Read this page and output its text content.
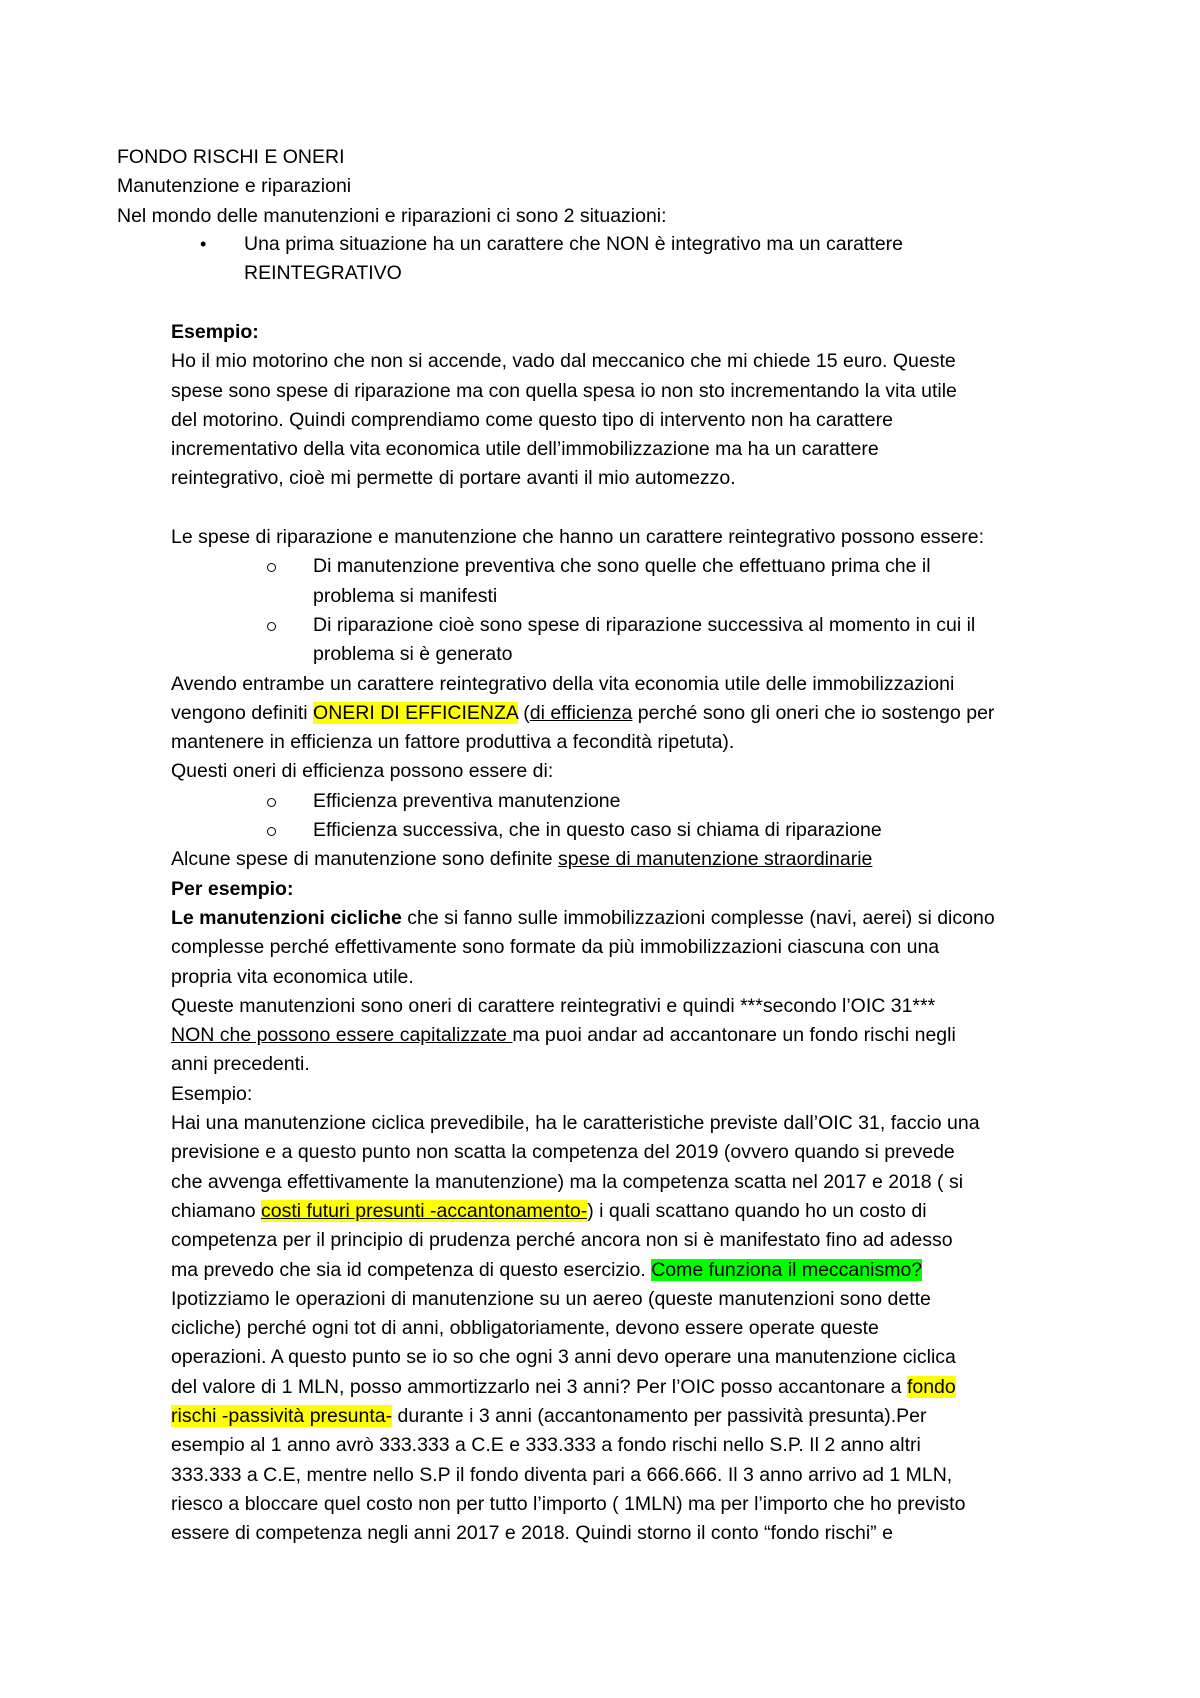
FONDO RISCHI E ONERI
Manutenzione e riparazioni
Nel mondo delle manutenzioni e riparazioni ci sono 2 situazioni:
• Una prima situazione ha un carattere che NON è integrativo ma un carattere
REINTEGRATIVO
Esempio:
Ho il mio motorino che non si accende, vado dal meccanico che mi chiede 15 euro. Queste
spese sono spese di riparazione ma con quella spesa io non sto incrementando la vita utile
del motorino. Quindi comprendiamo come questo tipo di intervento non ha carattere
incrementativo della vita economica utile dell’immobilizzazione ma ha un carattere
reintegrativo, cioè mi permette di portare avanti il mio automezzo.
Le spese di riparazione e manutenzione che hanno un carattere reintegrativo possono essere:
Di manutenzione preventiva che sono quelle che effettuano prima che il
problema si manifesti
Di riparazione cioè sono spese di riparazione successiva al momento in cui il
problema si è generato
Avendo entrambe un carattere reintegrativo della vita economia utile delle immobilizzazioni
vengono definiti ONERI DI EFFICIENZA (di efficienza perché sono gli oneri che io sostengo per
mantenere in efficienza un fattore produttiva a fecondità ripetuta).
Questi oneri di efficienza possono essere di:
Efficienza preventiva manutenzione
Efficienza successiva, che in questo caso si chiama di riparazione
Alcune spese di manutenzione sono definite spese di manutenzione straordinarie
Per esempio:
Le manutenzioni cicliche che si fanno sulle immobilizzazioni complesse (navi, aerei) si dicono
complesse perché effettivamente sono formate da più immobilizzazioni ciascuna con una
propria vita economica utile.
Queste manutenzioni sono oneri di carattere reintegrativi e quindi ***secondo l’OIC 31***
NON che possono essere capitalizzate ma puoi andar ad accantonare un fondo rischi negli
anni precedenti.
Esempio:
Hai una manutenzione ciclica prevedibile, ha le caratteristiche previste dall’OIC 31, faccio una
previsione e a questo punto non scatta la competenza del 2019 (ovvero quando si prevede
che avvenga effettivamente la manutenzione) ma la competenza scatta nel 2017 e 2018 ( si
chiamano costi futuri presunti -accantonamento-) i quali scattano quando ho un costo di
competenza per il principio di prudenza perché ancora non si è manifestato fino ad adesso
ma prevedo che sia id competenza di questo esercizio. Come funziona il meccanismo?
Ipotizziamo le operazioni di manutenzione su un aereo (queste manutenzioni sono dette
cicliche) perché ogni tot di anni, obbligatoriamente, devono essere operate queste
operazioni. A questo punto se io so che ogni 3 anni devo operare una manutenzione ciclica
del valore di 1 MLN, posso ammortizzarlo nei 3 anni? Per l’OIC posso accantonare a fondo
rischi -passività presunta- durante i 3 anni (accantonamento per passività presunta).Per
esempio al 1 anno avrò 333.333 a C.E e 333.333 a fondo rischi nello S.P. Il 2 anno altri
333.333 a C.E, mentre nello S.P il fondo diventa pari a 666.666. Il 3 anno arrivo ad 1 MLN,
riesco a bloccare quel costo non per tutto l’importo ( 1MLN) ma per l’importo che ho previsto
essere di competenza negli anni 2017 e 2018. Quindi storno il conto “fondo rischi” e
